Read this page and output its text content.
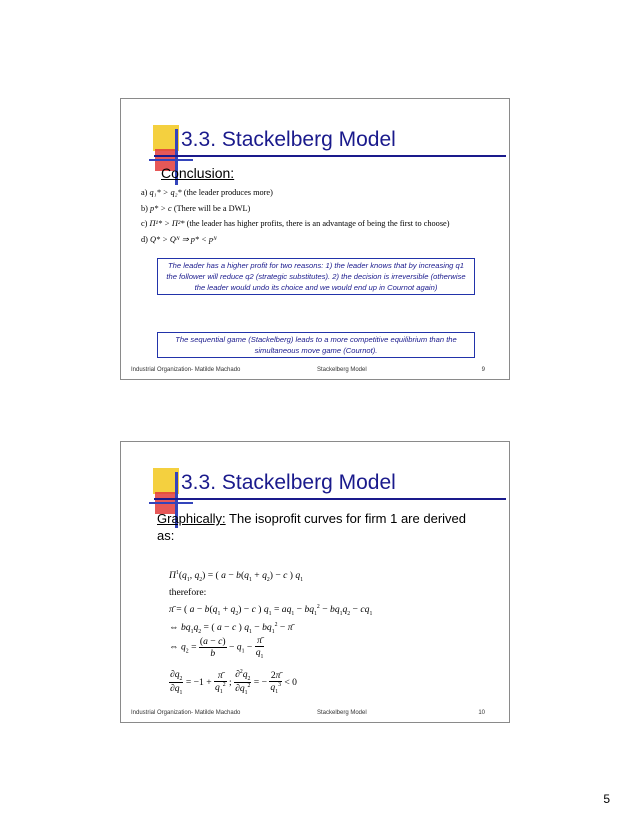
3.3. Stackelberg Model
Conclusion:
a) q₁* > q₂* (the leader produces more)
b) p* > c (There will be a DWL)
c) Π¹* > Π²* (the leader has higher profits, there is an advantage of being the first to choose)
d) Q* > Qᴺ ⇒ p* < pᴺ
The leader has a higher profit for two reasons: 1) the leader knows that by increasing q1 the follower will reduce q2 (strategic substitutes). 2) the decision is irreversible (otherwise the leader would undo its choice and we would end up in Cournot again)
The sequential game (Stackelberg) leads to a more competitive equilibrium than the simultaneous move game (Cournot).
Industrial Organization- Matilde Machado	Stackelberg Model	9
3.3. Stackelberg Model
Graphically: The isoprofit curves for firm 1 are derived as:
$\Pi^1(q_1$, $q_2$) = ( $a - b(q_1 + q_2) - c$ ) $q_1$
therefore:
π̄ = ( $a - b(q_1 + q_2) - c$ ) $q_1 = aq_1 - bq_1^2 - bq_1q_2 - cq_1$
⇔ $bq_1q_2$ = ( a − c ) $q_1 - bq_1^2$ − π̄
⇔ $q_2 = \frac{(a - c)}{b} - q_1 - \frac{\pī}{q_1}$
$\frac{\partial q_2}{\partial q_1} = -1 + \frac{\pī}{q_1^2}$ ; $\frac{\partial^2q_2}{\partial q_1^2}$ = − $\frac{2\pī}{q_1^3} < 0$
Industrial Organization- Matilde Machado	Stackelberg Model	10
5
